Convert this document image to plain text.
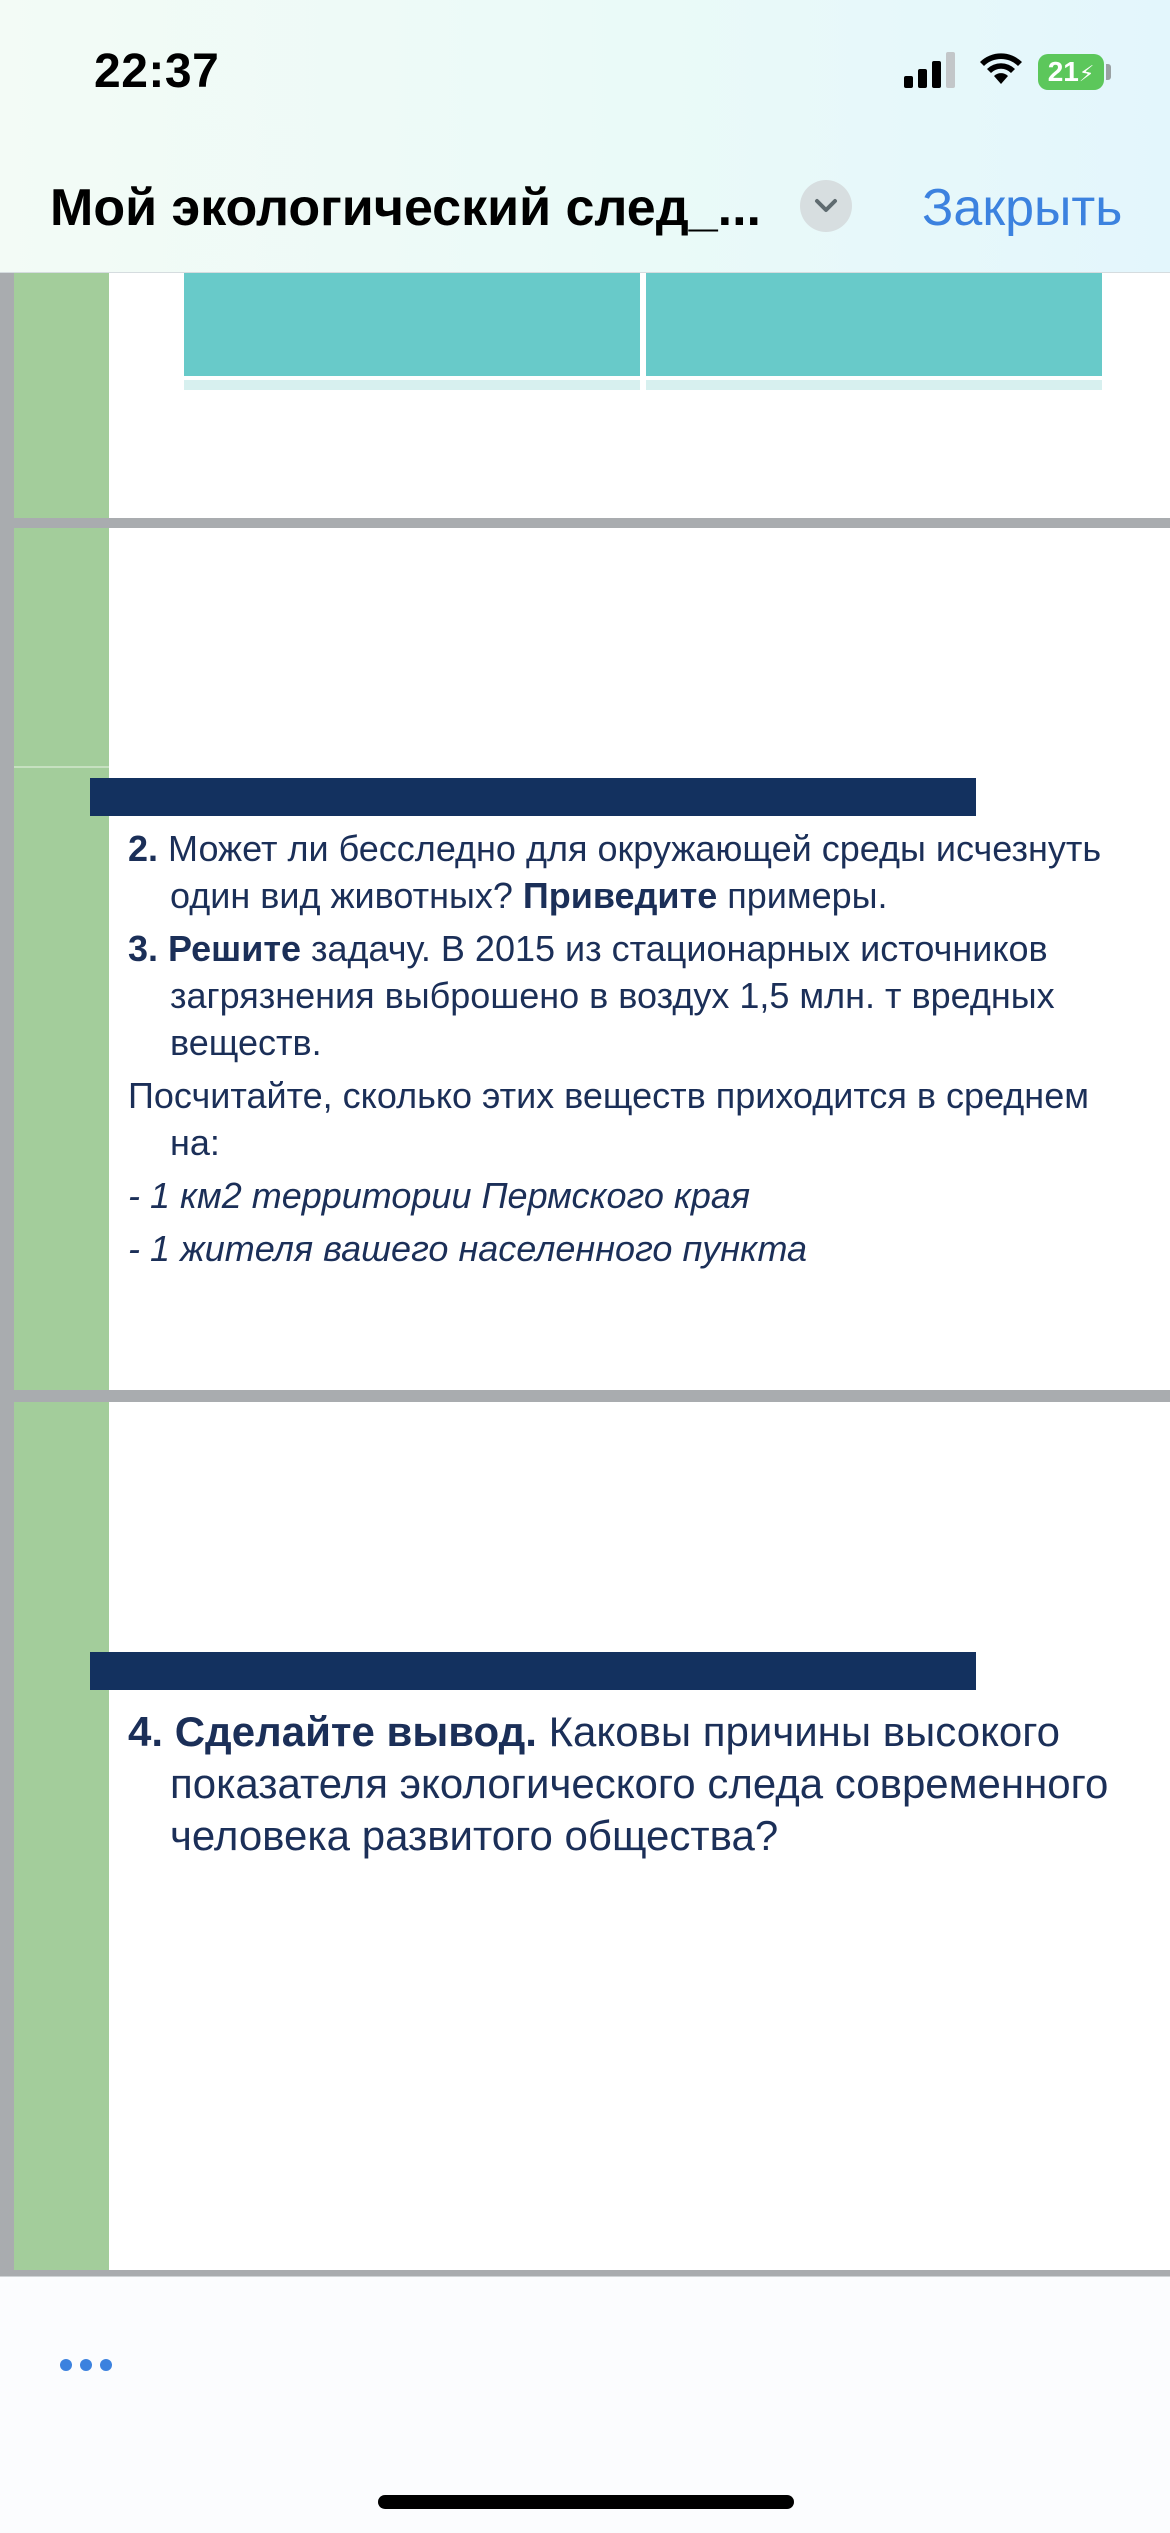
22:37	21⚡
Мой экологический след_...	Закрыть

2. Может ли бесследно для окружающей среды исчезнуть один вид животных? Приведите примеры.

3. Решите задачу. В 2015 из стационарных источников загрязнения выброшено в воздух 1,5 млн. т вредных веществ.

Посчитайте, сколько этих веществ приходится в среднем на:

- 1 км2 территории Пермского края

- 1 жителя вашего населенного пункта

4. Сделайте вывод. Каковы причины высокого показателя экологического следа современного человека развитого общества?
